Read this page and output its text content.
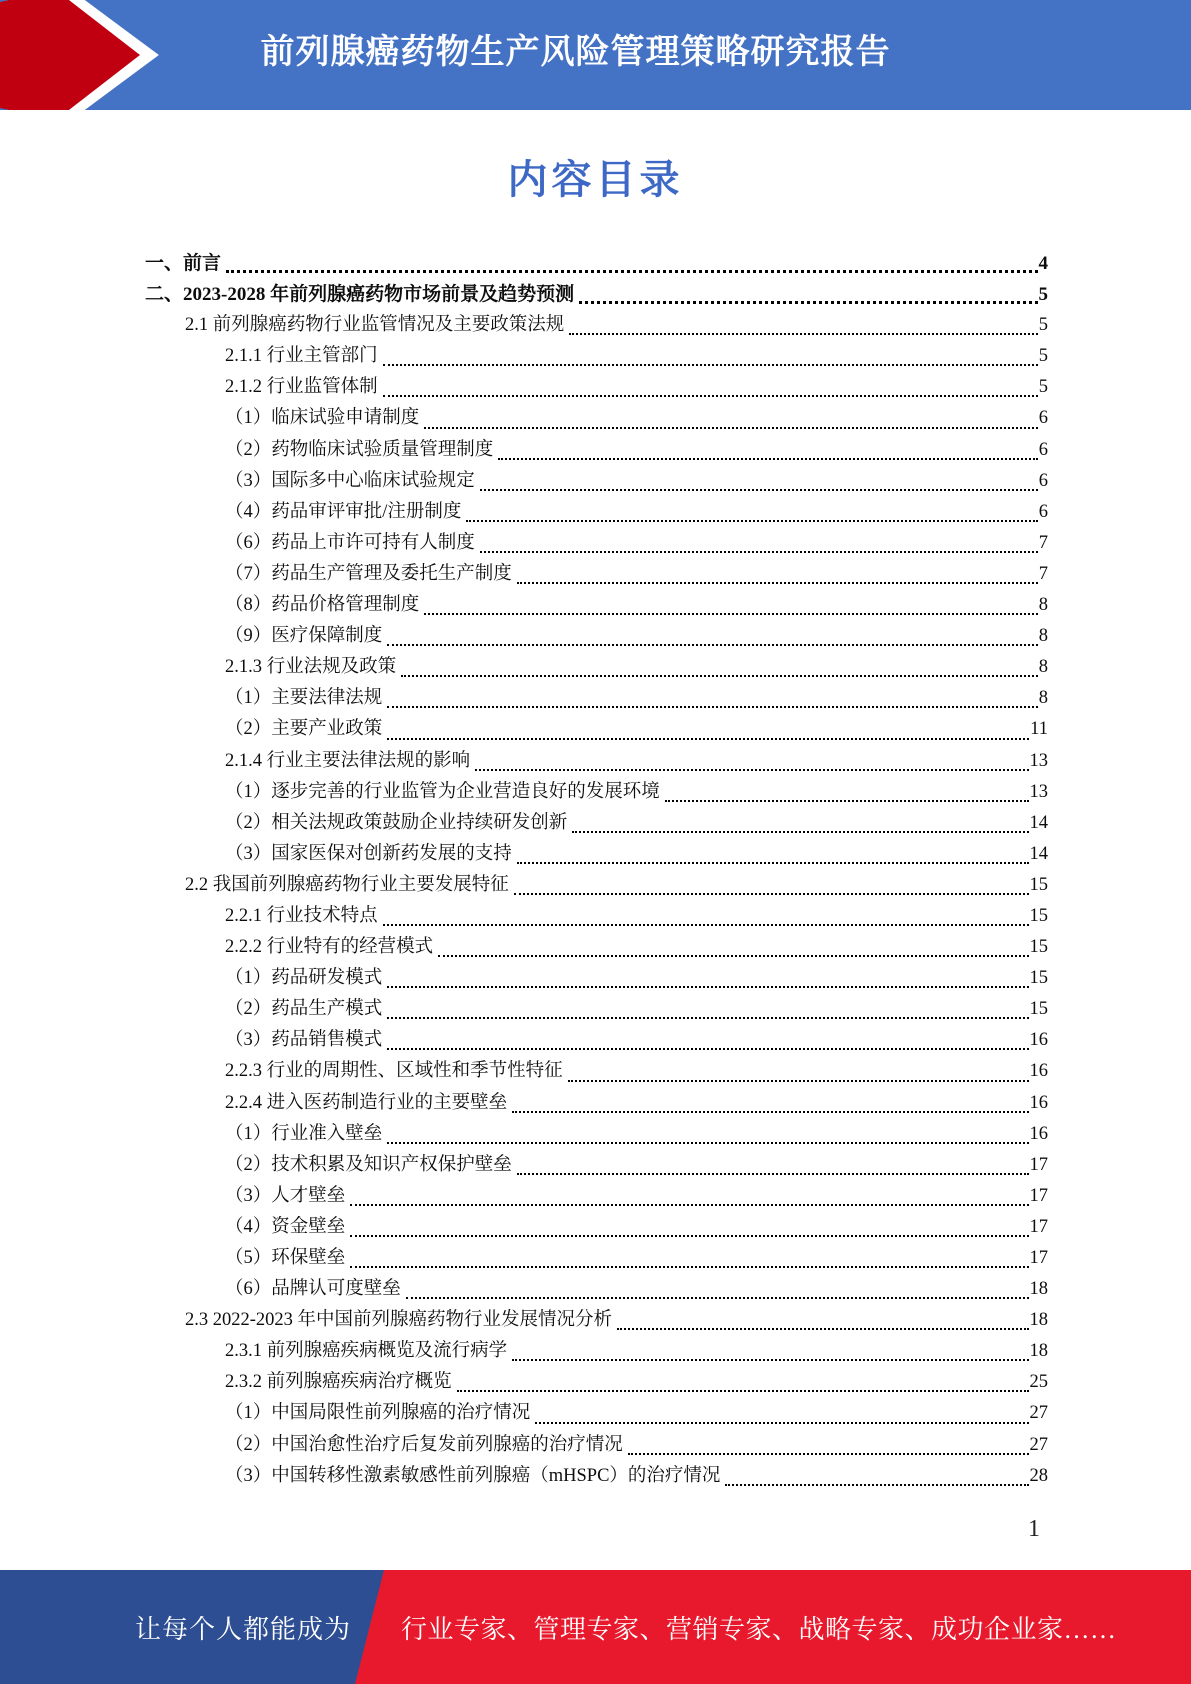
前列腺癌药物生产风险管理策略研究报告
内容目录
一、前言	4
二、2023-2028 年前列腺癌药物市场前景及趋势预测	5
2.1 前列腺癌药物行业监管情况及主要政策法规	5
2.1.1 行业主管部门	5
2.1.2 行业监管体制	5
（1）临床试验申请制度	6
（2）药物临床试验质量管理制度	6
（3）国际多中心临床试验规定	6
（4）药品审评审批/注册制度	6
（6）药品上市许可持有人制度	7
（7）药品生产管理及委托生产制度	7
（8）药品价格管理制度	8
（9）医疗保障制度	8
2.1.3 行业法规及政策	8
（1）主要法律法规	8
（2）主要产业政策	11
2.1.4 行业主要法律法规的影响	13
（1）逐步完善的行业监管为企业营造良好的发展环境	13
（2）相关法规政策鼓励企业持续研发创新	14
（3）国家医保对创新药发展的支持	14
2.2 我国前列腺癌药物行业主要发展特征	15
2.2.1 行业技术特点	15
2.2.2 行业特有的经营模式	15
（1）药品研发模式	15
（2）药品生产模式	15
（3）药品销售模式	16
2.2.3 行业的周期性、区域性和季节性特征	16
2.2.4 进入医药制造行业的主要壁垒	16
（1）行业准入壁垒	16
（2）技术积累及知识产权保护壁垒	17
（3）人才壁垒	17
（4）资金壁垒	17
（5）环保壁垒	17
（6）品牌认可度壁垒	18
2.3 2022-2023 年中国前列腺癌药物行业发展情况分析	18
2.3.1 前列腺癌疾病概览及流行病学	18
2.3.2 前列腺癌疾病治疗概览	25
（1）中国局限性前列腺癌的治疗情况	27
（2）中国治愈性治疗后复发前列腺癌的治疗情况	27
（3）中国转移性激素敏感性前列腺癌（mHSPC）的治疗情况	28
1
让每个人都能成为	行业专家、管理专家、营销专家、战略专家、成功企业家……
